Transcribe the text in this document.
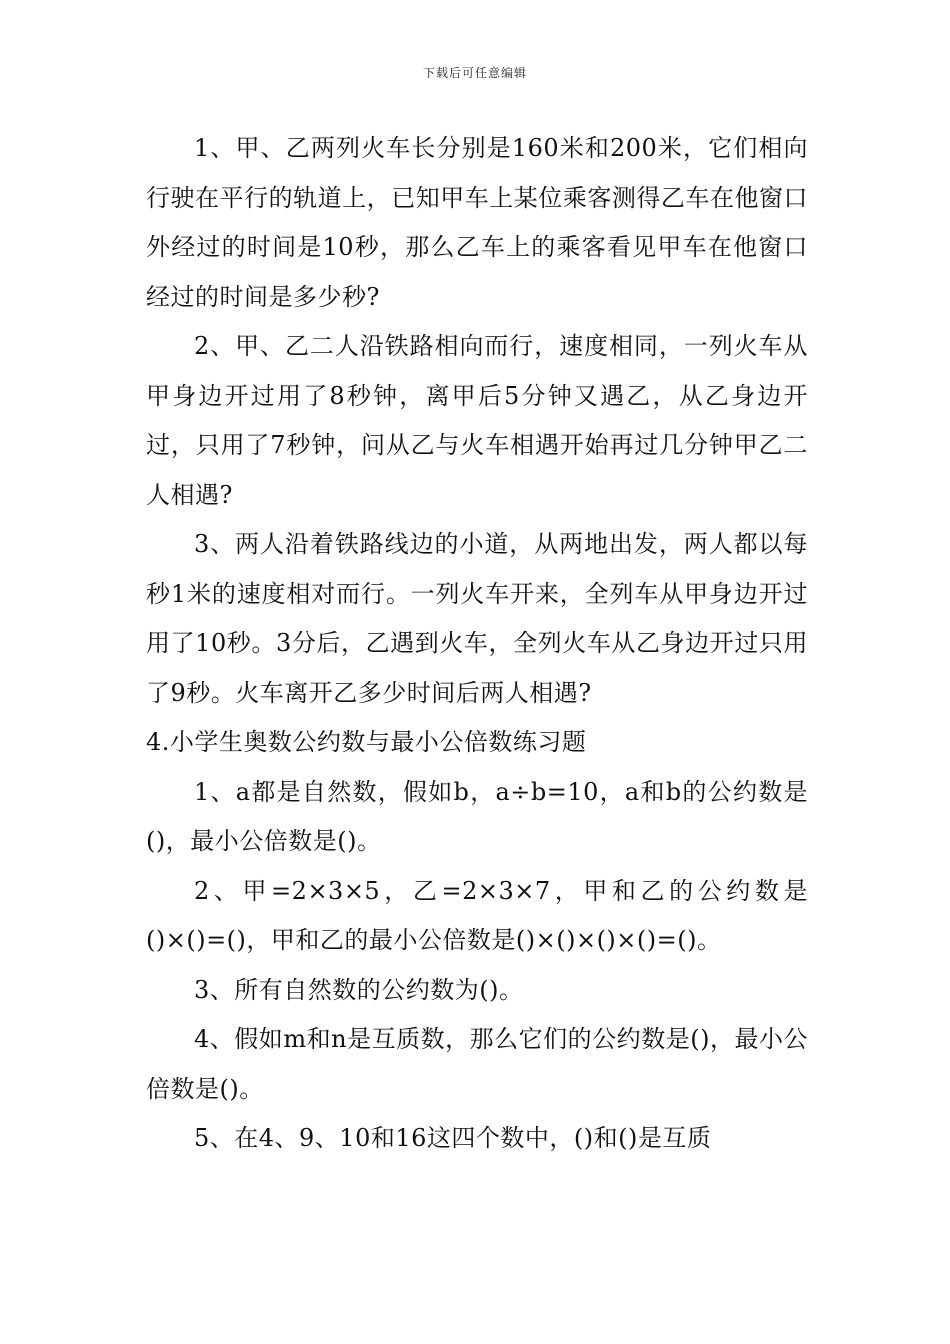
下载后可任意编辑

1、甲、乙两列火车长分别是160米和200米，它们相向行驶在平行的轨道上，已知甲车上某位乘客测得乙车在他窗口外经过的时间是10秒，那么乙车上的乘客看见甲车在他窗口经过的时间是多少秒?

2、甲、乙二人沿铁路相向而行，速度相同，一列火车从甲身边开过用了8秒钟，离甲后5分钟又遇乙，从乙身边开过，只用了7秒钟，问从乙与火车相遇开始再过几分钟甲乙二人相遇?

3、两人沿着铁路线边的小道，从两地出发，两人都以每秒1米的速度相对而行。一列火车开来，全列车从甲身边开过用了10秒。3分后，乙遇到火车，全列火车从乙身边开过只用了9秒。火车离开乙多少时间后两人相遇?

4.小学生奥数公约数与最小公倍数练习题

1、a都是自然数，假如b，a÷b=10，a和b的公约数是()，最小公倍数是()。

2、甲=2×3×5，乙=2×3×7，甲和乙的公约数是()×()=()，甲和乙的最小公倍数是()×()×()×()=()。

3、所有自然数的公约数为()。

4、假如m和n是互质数，那么它们的公约数是()，最小公倍数是()。

5、在4、9、10和16这四个数中，()和()是互质
